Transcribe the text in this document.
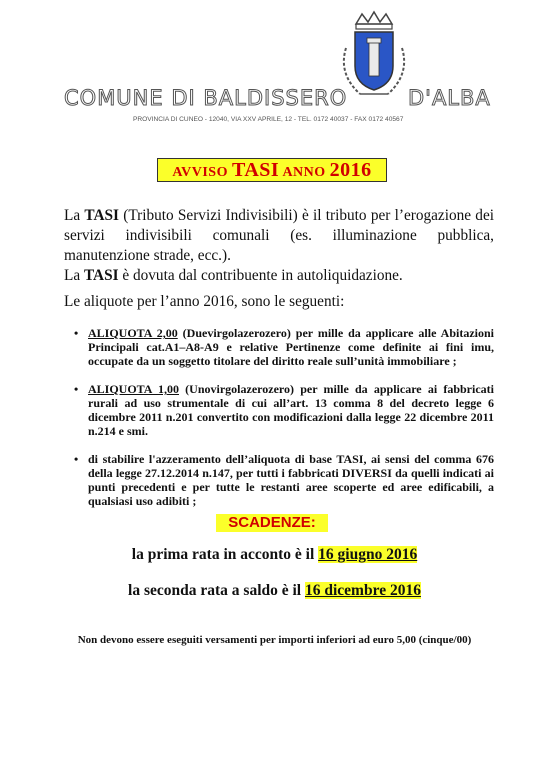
COMUNE DI BALDISSERO	D'ALBA
PROVINCIA DI CUNEO - 12040, VIA XXV APRILE, 12 - TEL. 0172 40037 - FAX 0172 40567
AVVISO TASI ANNO 2016
La TASI (Tributo Servizi Indivisibili) è il tributo per l’erogazione dei servizi indivisibili comunali (es. illuminazione pubblica, manutenzione strade, ecc.).
La TASI è dovuta dal contribuente in autoliquidazione.
Le aliquote per l’anno 2016, sono le seguenti:
• ALIQUOTA 2,00 (Duevirgolazerozero) per mille da applicare alle Abitazioni Principali cat.A1–A8-A9 e relative Pertinenze come definite ai fini imu, occupate da un soggetto titolare del diritto reale sull’unità immobiliare ;
• ALIQUOTA 1,00 (Unovirgolazerozero) per mille da applicare ai fabbricati rurali ad uso strumentale di cui all’art. 13 comma 8 del decreto legge 6 dicembre 2011 n.201 convertito con modificazioni dalla legge 22 dicembre 2011 n.214 e smi.
• di stabilire l'azzeramento dell’aliquota di base TASI, ai sensi del comma 676 della legge 27.12.2014 n.147, per tutti i fabbricati DIVERSI da quelli indicati ai punti precedenti e per tutte le restanti aree scoperte ed aree edificabili, a qualsiasi uso adibiti ;
SCADENZE:
la prima rata in acconto è il 16 giugno 2016
la seconda rata a saldo è il 16 dicembre 2016
Non devono essere eseguiti versamenti per importi inferiori ad euro 5,00 (cinque/00)
